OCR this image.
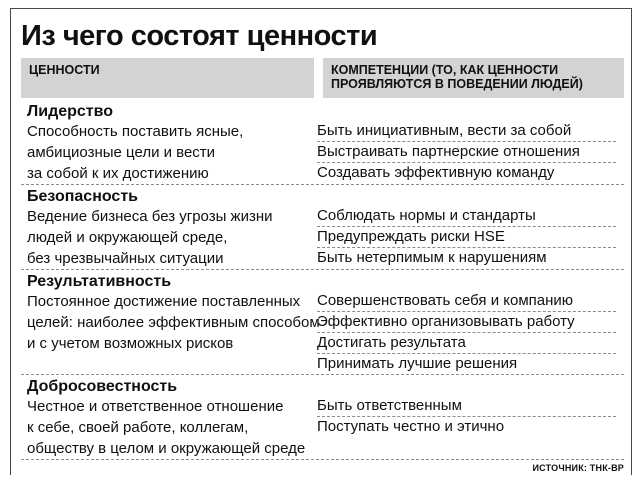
Из чего состоят ценности
ЦЕННОСТИ	КОМПЕТЕНЦИИ (ТО, КАК ЦЕННОСТИ ПРОЯВЛЯЮТСЯ В ПОВЕДЕНИИ ЛЮДЕЙ)
Лидерство
Способность поставить ясные,
амбициозные цели и вести
за собой к их достижению
Быть инициативным, вести за собой
Выстраивать партнерские отношения
Создавать эффективную команду
Безопасность
Ведение бизнеса без угрозы жизни
людей и окружающей среде,
без чрезвычайных ситуации
Соблюдать нормы и стандарты
Предупреждать риски HSE
Быть нетерпимым к нарушениям
Результативность
Постоянное достижение поставленных
целей: наиболее эффективным способом
и с учетом возможных рисков
Совершенствовать себя и компанию
Эффективно организовывать работу
Достигать результата
Принимать лучшие решения
Добросовестность
Честное и ответственное отношение
к себе, своей работе, коллегам,
обществу в целом и окружающей среде
Быть ответственным
Поступать честно и этично
ИСТОЧНИК: ТНК-ВР
